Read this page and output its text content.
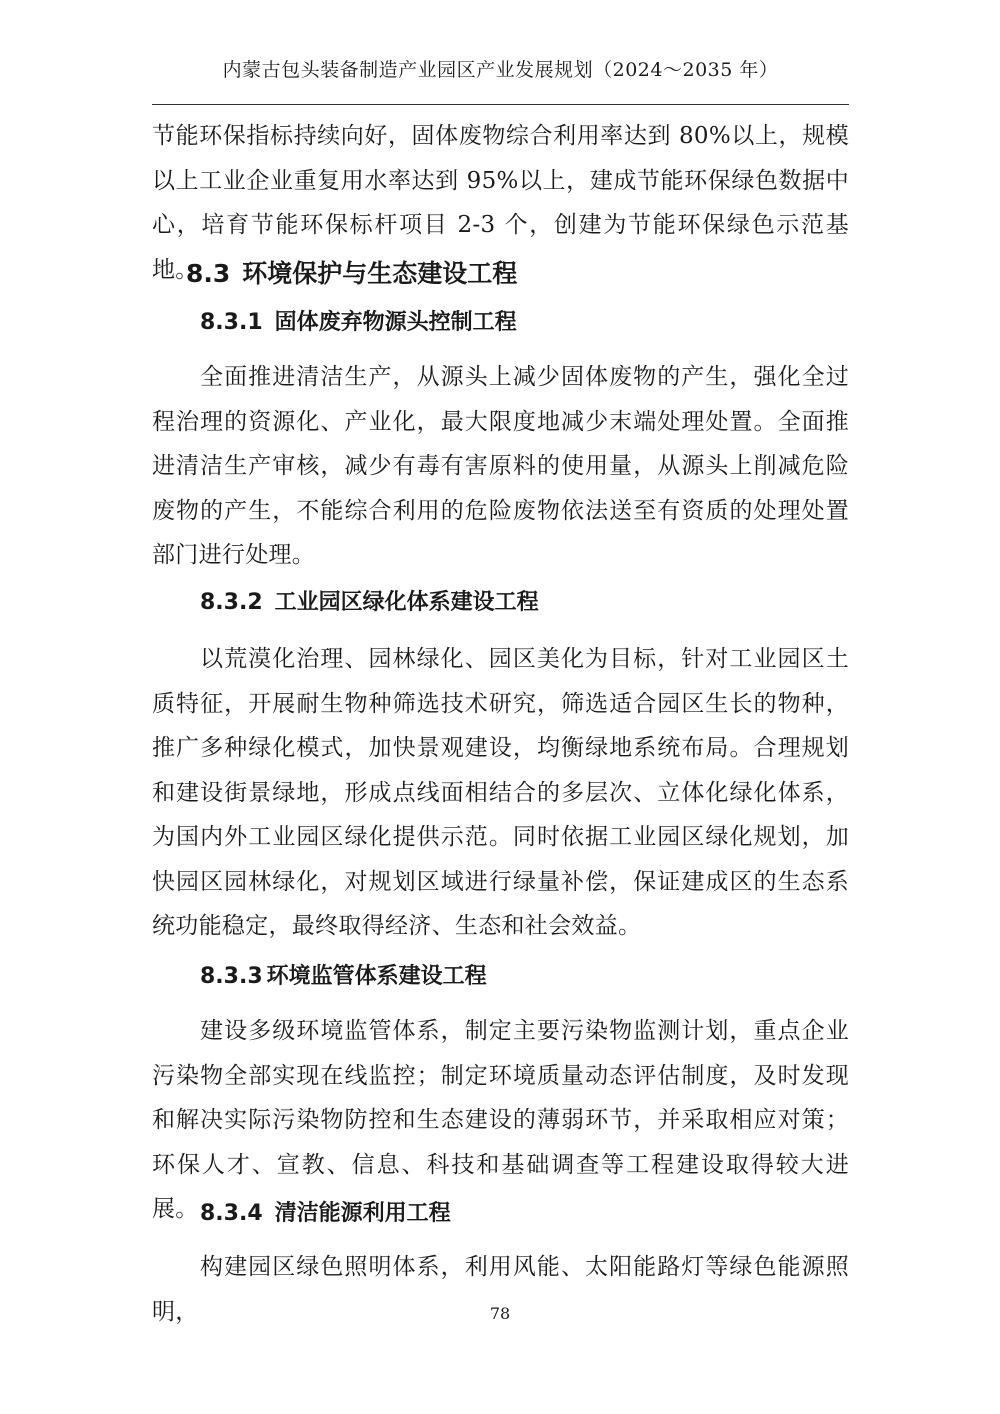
内蒙古包头装备制造产业园区产业发展规划（2024～2035 年）
节能环保指标持续向好，固体废物综合利用率达到 80%以上，规模以上工业企业重复用水率达到 95%以上，建成节能环保绿色数据中心，培育节能环保标杆项目 2-3 个，创建为节能环保绿色示范基地。
8.3 环境保护与生态建设工程
8.3.1 固体废弃物源头控制工程
全面推进清洁生产，从源头上减少固体废物的产生，强化全过程治理的资源化、产业化，最大限度地减少末端处理处置。全面推进清洁生产审核，减少有毒有害原料的使用量，从源头上削减危险废物的产生，不能综合利用的危险废物依法送至有资质的处理处置部门进行处理。
8.3.2 工业园区绿化体系建设工程
以荒漠化治理、园林绿化、园区美化为目标，针对工业园区土质特征，开展耐生物种筛选技术研究，筛选适合园区生长的物种，推广多种绿化模式，加快景观建设，均衡绿地系统布局。合理规划和建设街景绿地，形成点线面相结合的多层次、立体化绿化体系，为国内外工业园区绿化提供示范。同时依据工业园区绿化规划，加快园区园林绿化，对规划区域进行绿量补偿，保证建成区的生态系统功能稳定，最终取得经济、生态和社会效益。
8.3.3 环境监管体系建设工程
建设多级环境监管体系，制定主要污染物监测计划，重点企业污染物全部实现在线监控；制定环境质量动态评估制度，及时发现和解决实际污染物防控和生态建设的薄弱环节，并采取相应对策；环保人才、宣教、信息、科技和基础调查等工程建设取得较大进展。 8.3.4 清洁能源利用工程
构建园区绿色照明体系，利用风能、太阳能路灯等绿色能源照明，	78
